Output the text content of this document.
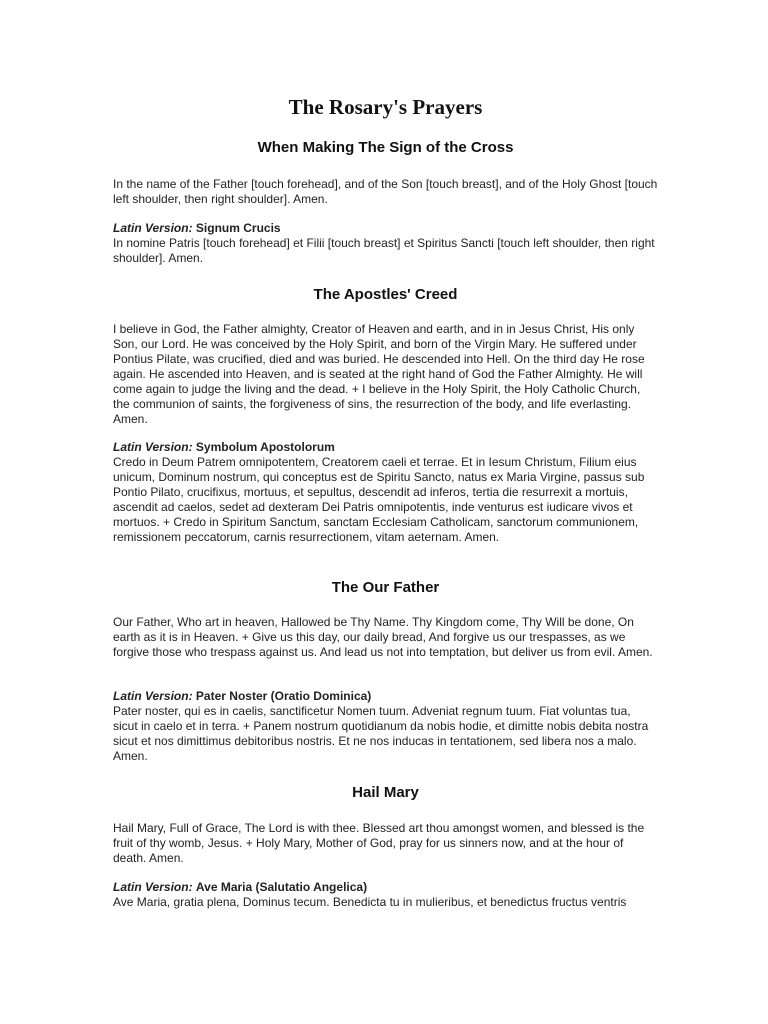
The Rosary's Prayers
When Making The Sign of the Cross

In the name of the Father [touch forehead], and of the Son [touch breast], and of the Holy Ghost [touch left shoulder, then right shoulder]. Amen.

Latin Version: Signum Crucis
In nomine Patris [touch forehead] et Filii [touch breast] et Spiritus Sancti [touch left shoulder, then right shoulder]. Amen.

The Apostles' Creed

I believe in God, the Father almighty, Creator of Heaven and earth, and in in Jesus Christ, His only Son, our Lord. He was conceived by the Holy Spirit, and born of the Virgin Mary. He suffered under Pontius Pilate, was crucified, died and was buried. He descended into Hell. On the third day He rose again. He ascended into Heaven, and is seated at the right hand of God the Father Almighty. He will come again to judge the living and the dead. + I believe in the Holy Spirit, the Holy Catholic Church, the communion of saints, the forgiveness of sins, the resurrection of the body, and life everlasting. Amen.

Latin Version: Symbolum Apostolorum
Credo in Deum Patrem omnipotentem, Creatorem caeli et terrae. Et in Iesum Christum, Filium eius unicum, Dominum nostrum, qui conceptus est de Spiritu Sancto, natus ex Maria Virgine, passus sub Pontio Pilato, crucifixus, mortuus, et sepultus, descendit ad inferos, tertia die resurrexit a mortuis, ascendit ad caelos, sedet ad dexteram Dei Patris omnipotentis, inde venturus est iudicare vivos et mortuos. + Credo in Spiritum Sanctum, sanctam Ecclesiam Catholicam, sanctorum communionem, remissionem peccatorum, carnis resurrectionem, vitam aeternam. Amen.

The Our Father

Our Father, Who art in heaven, Hallowed be Thy Name. Thy Kingdom come, Thy Will be done, On earth as it is in Heaven. + Give us this day, our daily bread, And forgive us our trespasses, as we forgive those who trespass against us. And lead us not into temptation, but deliver us from evil. Amen.

Latin Version: Pater Noster (Oratio Dominica)
Pater noster, qui es in caelis, sanctificetur Nomen tuum. Adveniat regnum tuum. Fiat voluntas tua, sicut in caelo et in terra. + Panem nostrum quotidianum da nobis hodie, et dimitte nobis debita nostra sicut et nos dimittimus debitoribus nostris. Et ne nos inducas in tentationem, sed libera nos a malo. Amen.

Hail Mary

Hail Mary, Full of Grace, The Lord is with thee. Blessed art thou amongst women, and blessed is the fruit of thy womb, Jesus. + Holy Mary, Mother of God, pray for us sinners now, and at the hour of death. Amen.

Latin Version: Ave Maria (Salutatio Angelica)
Ave Maria, gratia plena, Dominus tecum. Benedicta tu in mulieribus, et benedictus fructus ventris
